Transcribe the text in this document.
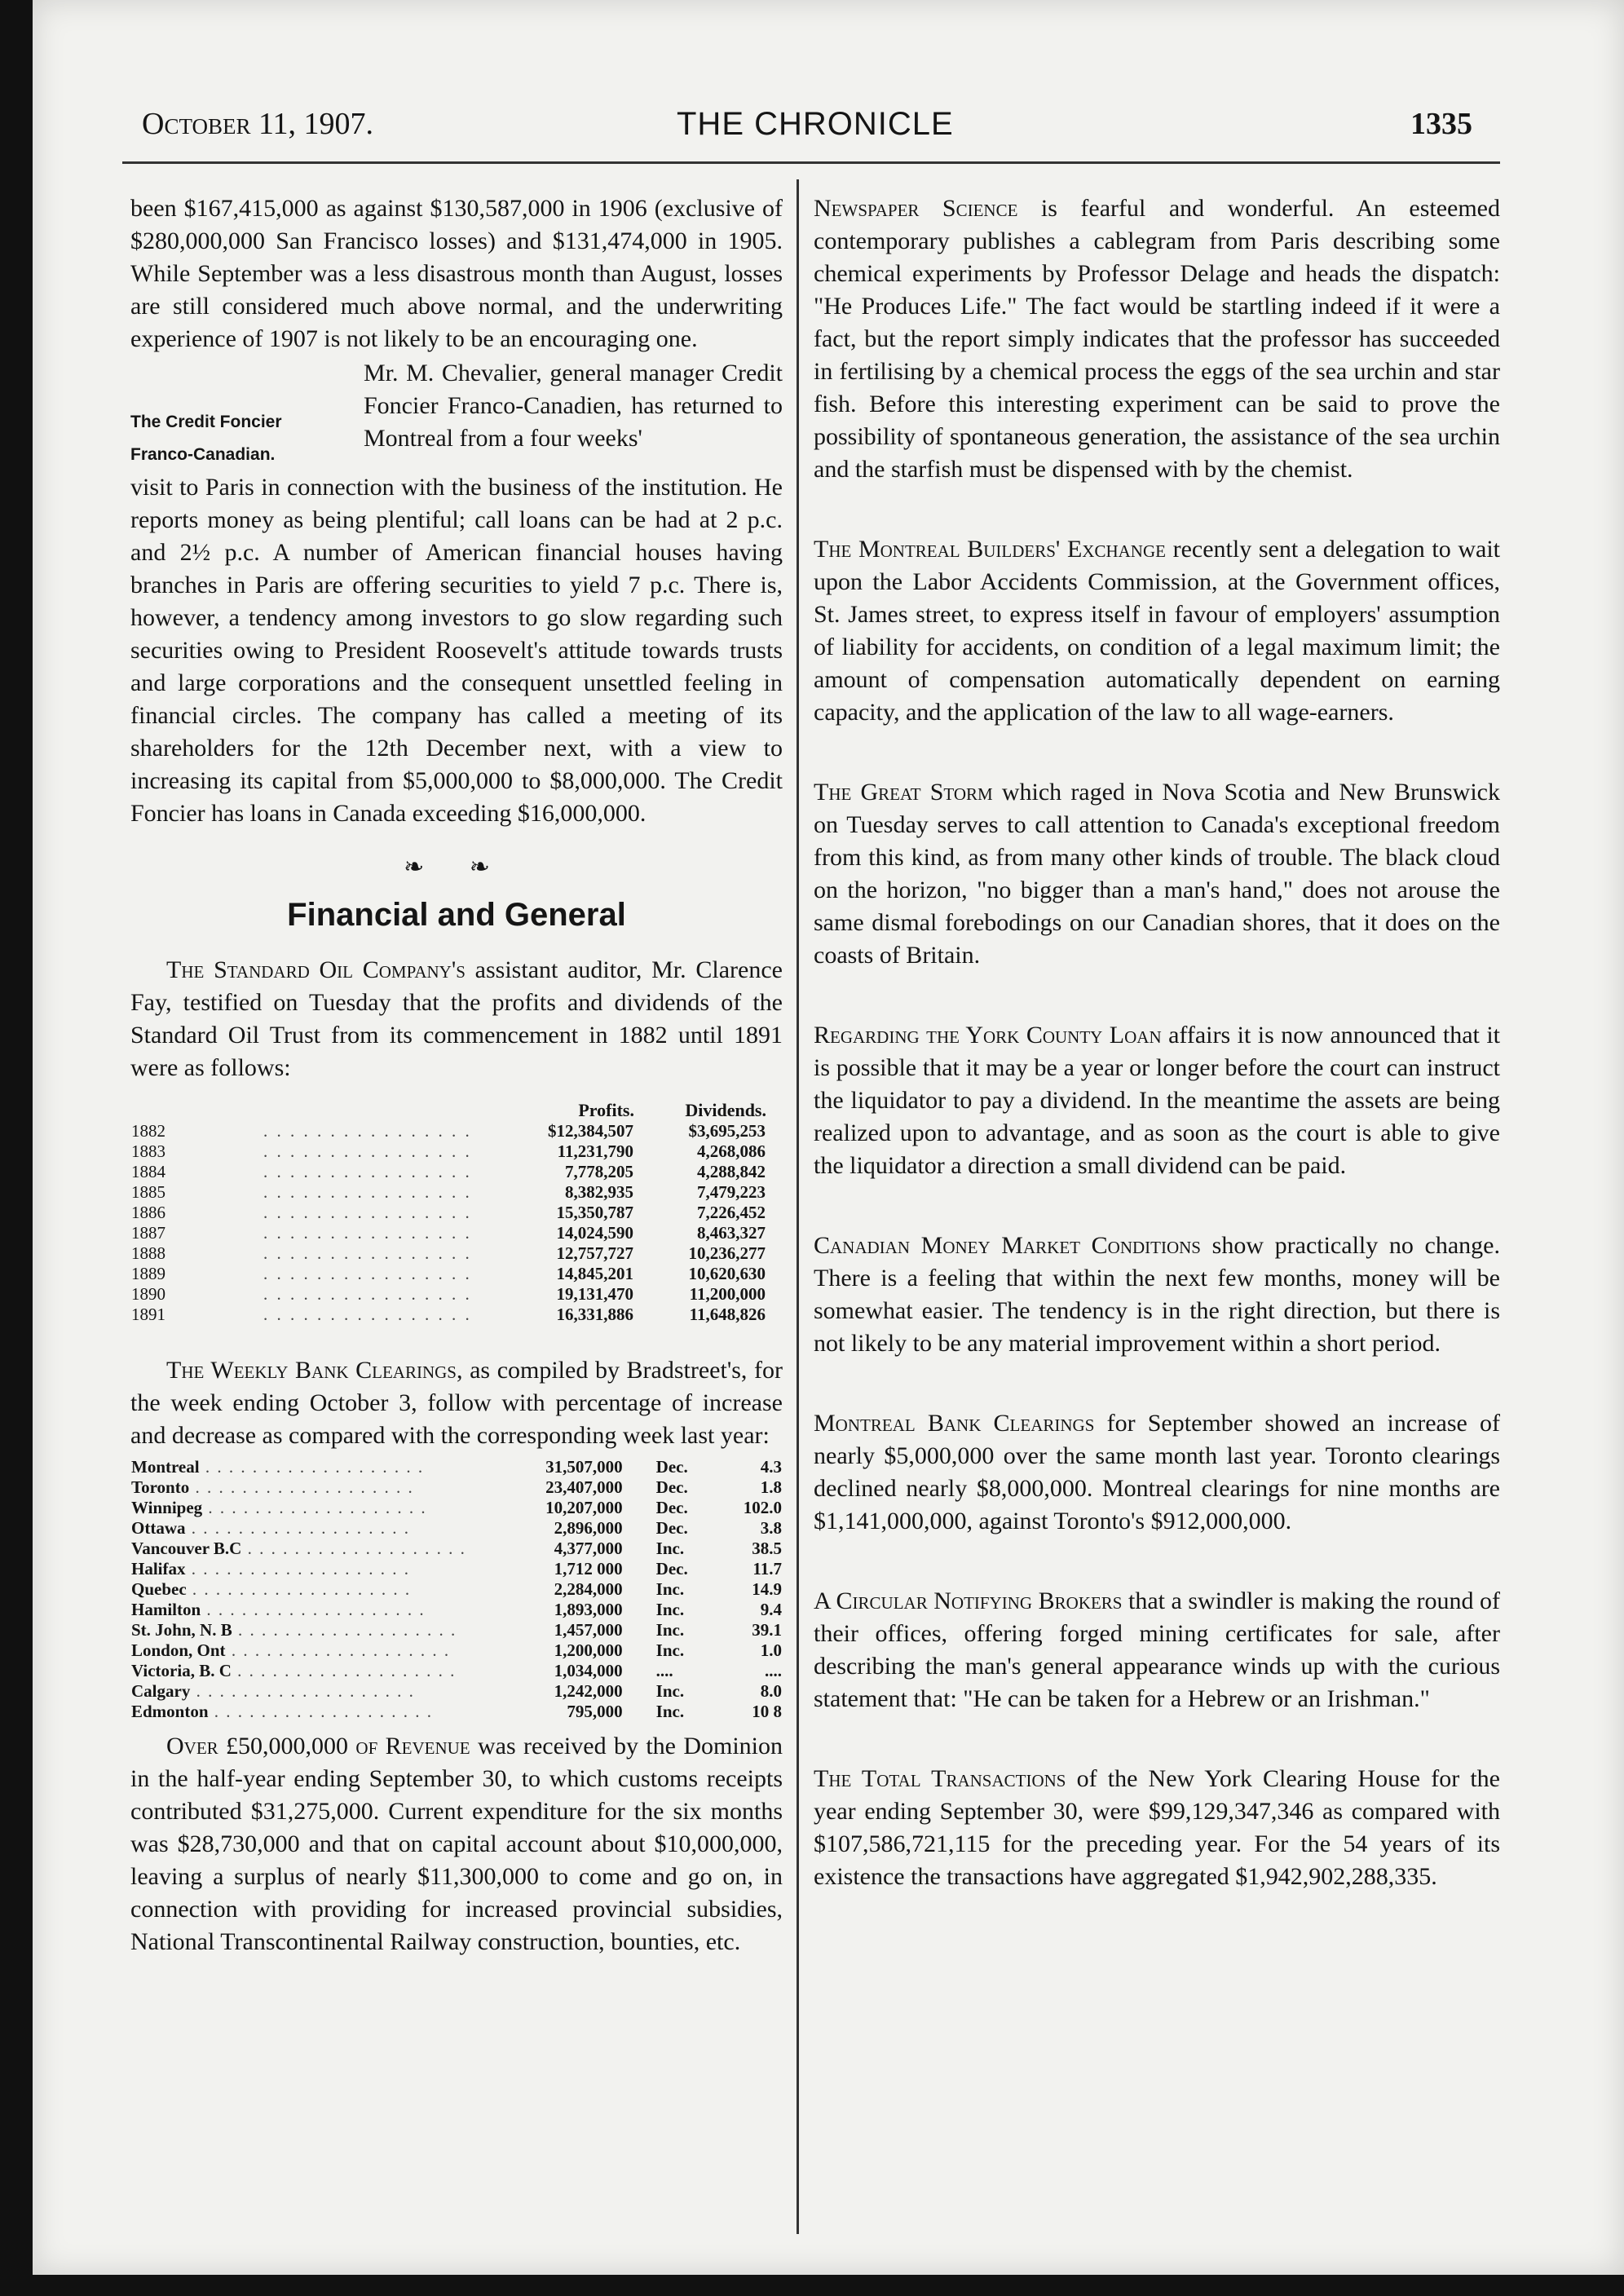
October 11, 1907.	THE CHRONICLE	1335

been $167,415,000 as against $130,587,000 in 1906 (exclusive of $280,000,000 San Francisco losses) and $131,474,000 in 1905. While September was a less disastrous month than August, losses are still considered much above normal, and the underwriting experience of 1907 is not likely to be an encouraging one.

The Credit Foncier
Franco-Canadian.
Mr. M. Chevalier, general manager Credit Foncier Franco-Canadien, has returned to Montreal from a four weeks'

visit to Paris in connection with the business of the institution. He reports money as being plentiful; call loans can be had at 2 p.c. and 2½ p.c. A number of American financial houses having branches in Paris are offering securities to yield 7 p.c. There is, however, a tendency among investors to go slow regarding such securities owing to President Roosevelt's attitude towards trusts and large corporations and the consequent unsettled feeling in financial circles. The company has called a meeting of its shareholders for the 12th December next, with a view to increasing its capital from $5,000,000 to $8,000,000. The Credit Foncier has loans in Canada exceeding $16,000,000.

❧ ❧
Financial and General

The Standard Oil Company's assistant auditor, Mr. Clarence Fay, testified on Tuesday that the profits and dividends of the Standard Oil Trust from its commencement in 1882 until 1891 were as follows:

		Profits.	Dividends.
1882	. . . . . . . . . . . . . . . .	$12,384,507	$3,695,253
1883	. . . . . . . . . . . . . . . .	11,231,790	4,268,086
1884	. . . . . . . . . . . . . . . .	7,778,205	4,288,842
1885	. . . . . . . . . . . . . . . .	8,382,935	7,479,223
1886	. . . . . . . . . . . . . . . .	15,350,787	7,226,452
1887	. . . . . . . . . . . . . . . .	14,024,590	8,463,327
1888	. . . . . . . . . . . . . . . .	12,757,727	10,236,277
1889	. . . . . . . . . . . . . . . .	14,845,201	10,620,630
1890	. . . . . . . . . . . . . . . .	19,131,470	11,200,000
1891	. . . . . . . . . . . . . . . .	16,331,886	11,648,826

The Weekly Bank Clearings, as compiled by Bradstreet's, for the week ending October 3, follow with percentage of increase and decrease as compared with the corresponding week last year:

Montreal . . . . . . . . . . . . . . . . . . .	31,507,000	Dec.	4.3
Toronto . . . . . . . . . . . . . . . . . . .	23,407,000	Dec.	1.8
Winnipeg . . . . . . . . . . . . . . . . . . .	10,207,000	Dec.	102.0
Ottawa . . . . . . . . . . . . . . . . . . .	2,896,000	Dec.	3.8
Vancouver B.C . . . . . . . . . . . . . . . . . . .	4,377,000	Inc.	38.5
Halifax . . . . . . . . . . . . . . . . . . .	1,712 000	Dec.	11.7
Quebec . . . . . . . . . . . . . . . . . . .	2,284,000	Inc.	14.9
Hamilton . . . . . . . . . . . . . . . . . . .	1,893,000	Inc.	9.4
St. John, N. B . . . . . . . . . . . . . . . . . . .	1,457,000	Inc.	39.1
London, Ont . . . . . . . . . . . . . . . . . . .	1,200,000	Inc.	1.0
Victoria, B. C . . . . . . . . . . . . . . . . . . .	1,034,000	....	....
Calgary . . . . . . . . . . . . . . . . . . .	1,242,000	Inc.	8.0
Edmonton . . . . . . . . . . . . . . . . . . .	795,000	Inc.	10 8

Over £50,000,000 of Revenue was received by the Dominion in the half-year ending September 30, to which customs receipts contributed $31,275,000. Current expenditure for the six months was $28,730,000 and that on capital account about $10,000,000, leaving a surplus of nearly $11,300,000 to come and go on, in connection with providing for increased provincial subsidies, National Transcontinental Railway construction, bounties, etc.

Newspaper Science is fearful and wonderful. An esteemed contemporary publishes a cablegram from Paris describing some chemical experiments by Professor Delage and heads the dispatch: "He Produces Life." The fact would be startling indeed if it were a fact, but the report simply indicates that the professor has succeeded in fertilising by a chemical process the eggs of the sea urchin and star fish. Before this interesting experiment can be said to prove the possibility of spontaneous generation, the assistance of the sea urchin and the starfish must be dispensed with by the chemist.

The Montreal Builders' Exchange recently sent a delegation to wait upon the Labor Accidents Commission, at the Government offices, St. James street, to express itself in favour of employers' assumption of liability for accidents, on condition of a legal maximum limit; the amount of compensation automatically dependent on earning capacity, and the application of the law to all wage-earners.

The Great Storm which raged in Nova Scotia and New Brunswick on Tuesday serves to call attention to Canada's exceptional freedom from this kind, as from many other kinds of trouble. The black cloud on the horizon, "no bigger than a man's hand," does not arouse the same dismal forebodings on our Canadian shores, that it does on the coasts of Britain.

Regarding the York County Loan affairs it is now announced that it is possible that it may be a year or longer before the court can instruct the liquidator to pay a dividend. In the meantime the assets are being realized upon to advantage, and as soon as the court is able to give the liquidator a direction a small dividend can be paid.

Canadian Money Market Conditions show practically no change. There is a feeling that within the next few months, money will be somewhat easier. The tendency is in the right direction, but there is not likely to be any material improvement within a short period.

Montreal Bank Clearings for September showed an increase of nearly $5,000,000 over the same month last year. Toronto clearings declined nearly $8,000,000. Montreal clearings for nine months are $1,141,000,000, against Toronto's $912,000,000.

A Circular Notifying Brokers that a swindler is making the round of their offices, offering forged mining certificates for sale, after describing the man's general appearance winds up with the curious statement that: "He can be taken for a Hebrew or an Irishman."

The Total Transactions of the New York Clearing House for the year ending September 30, were $99,129,347,346 as compared with $107,586,721,115 for the preceding year. For the 54 years of its existence the transactions have aggregated $1,942,902,288,335.
